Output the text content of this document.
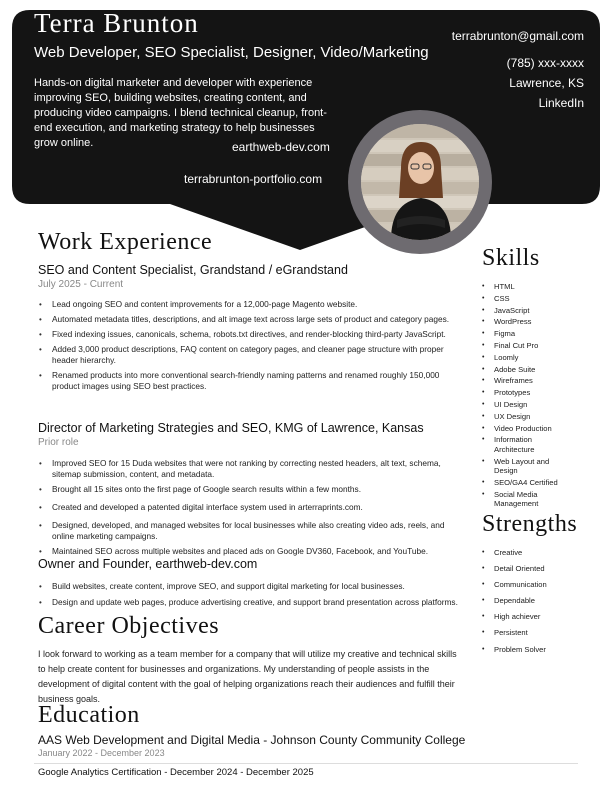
Terra Brunton
Web Developer, SEO Specialist, Designer, Video/Marketing
Hands-on digital marketer and developer with experience improving SEO, building websites, creating content, and producing video campaigns. I blend technical cleanup, front-end execution, and marketing strategy to help businesses grow online.	earthweb-dev.com
terrabrunton-portfolio.com
terrabrunton@gmail.com
(785) xxx-xxxx
Lawrence, KS
LinkedIn
Work Experience
SEO and Content Specialist, Grandstand / eGrandstand
July 2025 - Current
• Lead ongoing SEO and content improvements for a 12,000-page Magento website.
• Automated metadata titles, descriptions, and alt image text across large sets of product and category pages.
• Fixed indexing issues, canonicals, schema, robots.txt directives, and render-blocking third-party JavaScript.
• Added 3,000 product descriptions, FAQ content on category pages, and cleaner page structure with proper header hierarchy.
• Renamed products into more conventional search-friendly naming patterns and renamed roughly 150,000 product images using SEO best practices.
Director of Marketing Strategies and SEO, KMG of Lawrence, Kansas
Prior role
• Improved SEO for 15 Duda websites that were not ranking by correcting nested headers, alt text, schema, sitemap submission, content, and metadata.
• Brought all 15 sites onto the first page of Google search results within a few months.
• Created and developed a patented digital interface system used in arterraprints.com.
• Designed, developed, and managed websites for local businesses while also creating video ads, reels, and online marketing campaigns.
• Maintained SEO across multiple websites and placed ads on Google DV360, Facebook, and YouTube.
Owner and Founder, earthweb-dev.com
• Build websites, create content, improve SEO, and support digital marketing for local businesses.
• Design and update web pages, produce advertising creative, and support brand presentation across platforms.
Career Objectives
I look forward to working as a team member for a company that will utilize my creative and technical skills to help create content for businesses and organizations. My understanding of people assists in the development of digital content with the goal of helping organizations reach their audiences and fulfill their business goals.
Education
AAS Web Development and Digital Media - Johnson County Community College
January 2022 - December 2023
Google Analytics Certification - December 2024 - December 2025
Skills
• HTML
• CSS
• JavaScript
• WordPress
• Figma
• Final Cut Pro
• Loomly
• Adobe Suite
• Wireframes
• Prototypes
• UI Design
• UX Design
• Video Production
• Information Architecture
• Web Layout and Design
• SEO/GA4 Certified
• Social Media Management
Strengths
• Creative
• Detail Oriented
• Communication
• Dependable
• High achiever
• Persistent
• Problem Solver
